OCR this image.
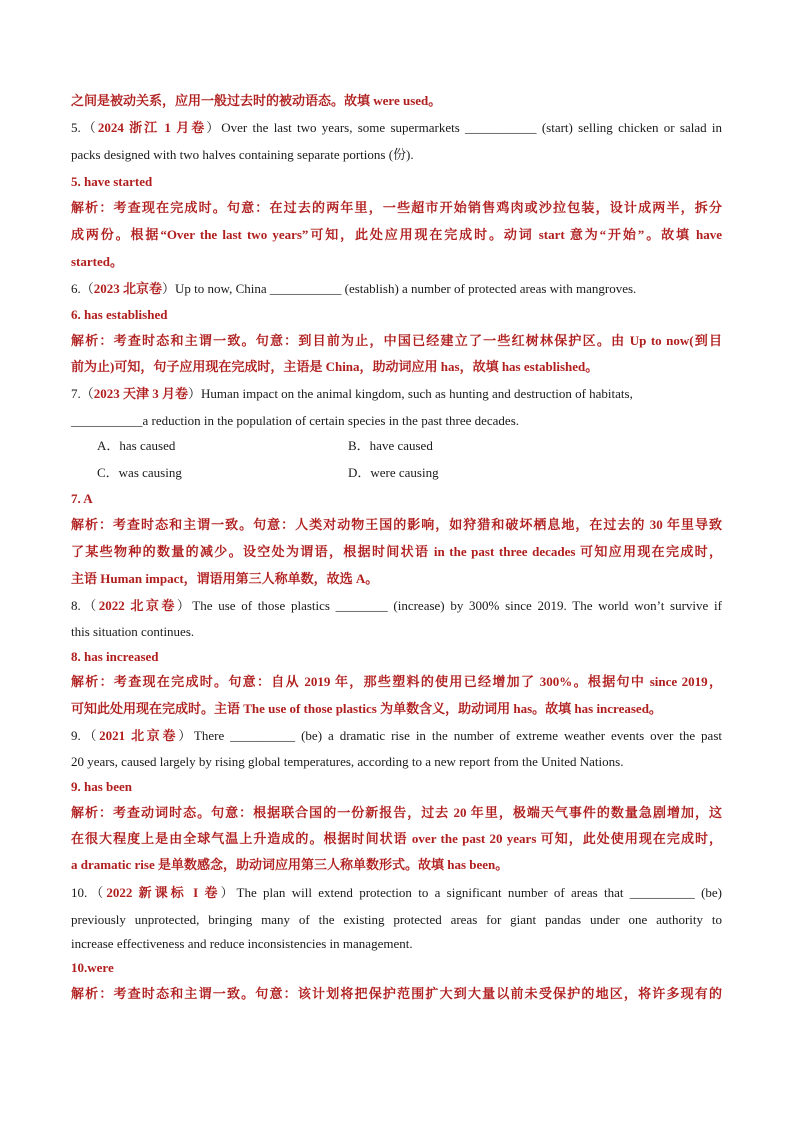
之间是被动关系，应用一般过去时的被动语态。故填 were used。
5.（2024 浙江 1 月卷）Over the last two years, some supermarkets ___________ (start) selling chicken or salad in
packs designed with two halves containing separate portions (份).
5. have started
解析：考查现在完成时。句意：在过去的两年里，一些超市开始销售鸡肉或沙拉包装，设计成两半，拆分
成两份。根据“Over the last two years”可知，此处应用现在完成时。动词 start 意为“开始”。故填 have
started。
6.（2023 北京卷）Up to now, China ___________ (establish) a number of protected areas with mangroves.
6. has established
解析：考查时态和主谓一致。句意：到目前为止，中国已经建立了一些红树林保护区。由 Up to now(到目
前为止)可知，句子应用现在完成时，主语是 China，助动词应用 has，故填 has established。
7.（2023 天津 3 月卷）Human impact on the animal kingdom, such as hunting and destruction of habitats,
___________a reduction in the population of certain species in the past three decades.
7. A
解析：考查时态和主谓一致。句意：人类对动物王国的影响，如狩猎和破坏栖息地，在过去的 30 年里导致
了某些物种的数量的减少。设空处为谓语，根据时间状语 in the past three decades 可知应用现在完成时，
主语 Human impact，谓语用第三人称单数，故选 A。
8.（2022 北京卷）The use of those plastics ________ (increase) by 300% since 2019. The world won’t survive if
this situation continues.
8. has increased
解析：考查现在完成时。句意：自从 2019 年，那些塑料的使用已经增加了 300%。根据句中 since 2019，
可知此处用现在完成时。主语 The use of those plastics 为单数含义，助动词用 has。故填 has increased。
9.（2021 北京卷）There __________ (be) a dramatic rise in the number of extreme weather events over the past
20 years, caused largely by rising global temperatures, according to a new report from the United Nations.
9. has been
解析：考查动词时态。句意：根据联合国的一份新报告，过去 20 年里，极端天气事件的数量急剧增加，这
在很大程度上是由全球气温上升造成的。根据时间状语 over the past 20 years 可知，此处使用现在完成时，
a dramatic rise 是单数感念，助动词应用第三人称单数形式。故填 has been。
10.（2022 新课标 I 卷）The plan will extend protection to a significant number of areas that __________ (be)
previously unprotected, bringing many of the existing protected areas for giant pandas under one authority to
increase effectiveness and reduce inconsistencies in management.
10.were
解析：考查时态和主谓一致。句意：该计划将把保护范围扩大到大量以前未受保护的地区，将许多现有的
A．has caused	B．have caused
C．was causing	D．were causing
